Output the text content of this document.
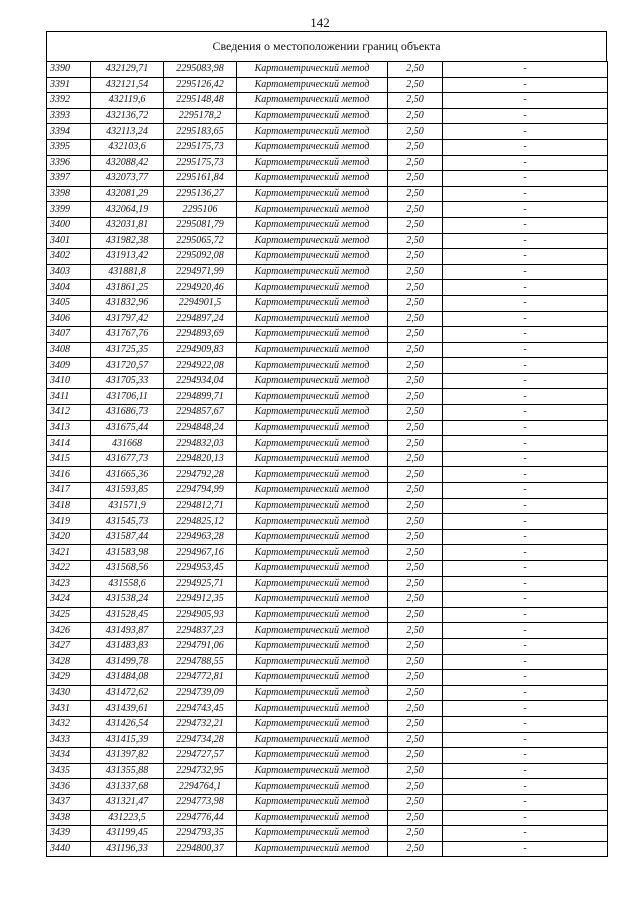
142
Сведения о местоположении границ объекта
3390	432129,71	2295083,98	Картометрический метод	2,50	-
3391	432121,54	2295126,42	Картометрический метод	2,50	-
3392	432119,6	2295148,48	Картометрический метод	2,50	-
3393	432136,72	2295178,2	Картометрический метод	2,50	-
3394	432113,24	2295183,65	Картометрический метод	2,50	-
3395	432103,6	2295175,73	Картометрический метод	2,50	-
3396	432088,42	2295175,73	Картометрический метод	2,50	-
3397	432073,77	2295161,84	Картометрический метод	2,50	-
3398	432081,29	2295136,27	Картометрический метод	2,50	-
3399	432064,19	2295106	Картометрический метод	2,50	-
3400	432031,81	2295081,79	Картометрический метод	2,50	-
3401	431982,38	2295065,72	Картометрический метод	2,50	-
3402	431913,42	2295092,08	Картометрический метод	2,50	-
3403	431881,8	2294971,99	Картометрический метод	2,50	-
3404	431861,25	2294920,46	Картометрический метод	2,50	-
3405	431832,96	2294901,5	Картометрический метод	2,50	-
3406	431797,42	2294897,24	Картометрический метод	2,50	-
3407	431767,76	2294893,69	Картометрический метод	2,50	-
3408	431725,35	2294909,83	Картометрический метод	2,50	-
3409	431720,57	2294922,08	Картометрический метод	2,50	-
3410	431705,33	2294934,04	Картометрический метод	2,50	-
3411	431706,11	2294899,71	Картометрический метод	2,50	-
3412	431686,73	2294857,67	Картометрический метод	2,50	-
3413	431675,44	2294848,24	Картометрический метод	2,50	-
3414	431668	2294832,03	Картометрический метод	2,50	-
3415	431677,73	2294820,13	Картометрический метод	2,50	-
3416	431665,36	2294792,28	Картометрический метод	2,50	-
3417	431593,85	2294794,99	Картометрический метод	2,50	-
3418	431571,9	2294812,71	Картометрический метод	2,50	-
3419	431545,73	2294825,12	Картометрический метод	2,50	-
3420	431587,44	2294963,28	Картометрический метод	2,50	-
3421	431583,98	2294967,16	Картометрический метод	2,50	-
3422	431568,56	2294953,45	Картометрический метод	2,50	-
3423	431558,6	2294925,71	Картометрический метод	2,50	-
3424	431538,24	2294912,35	Картометрический метод	2,50	-
3425	431528,45	2294905,93	Картометрический метод	2,50	-
3426	431493,87	2294837,23	Картометрический метод	2,50	-
3427	431483,83	2294791,06	Картометрический метод	2,50	-
3428	431499,78	2294788,55	Картометрический метод	2,50	-
3429	431484,08	2294772,81	Картометрический метод	2,50	-
3430	431472,62	2294739,09	Картометрический метод	2,50	-
3431	431439,61	2294743,45	Картометрический метод	2,50	-
3432	431426,54	2294732,21	Картометрический метод	2,50	-
3433	431415,39	2294734,28	Картометрический метод	2,50	-
3434	431397,82	2294727,57	Картометрический метод	2,50	-
3435	431355,88	2294732,95	Картометрический метод	2,50	-
3436	431337,68	2294764,1	Картометрический метод	2,50	-
3437	431321,47	2294773,98	Картометрический метод	2,50	-
3438	431223,5	2294776,44	Картометрический метод	2,50	-
3439	431199,45	2294793,35	Картометрический метод	2,50	-
3440	431196,33	2294800,37	Картометрический метод	2,50	-
